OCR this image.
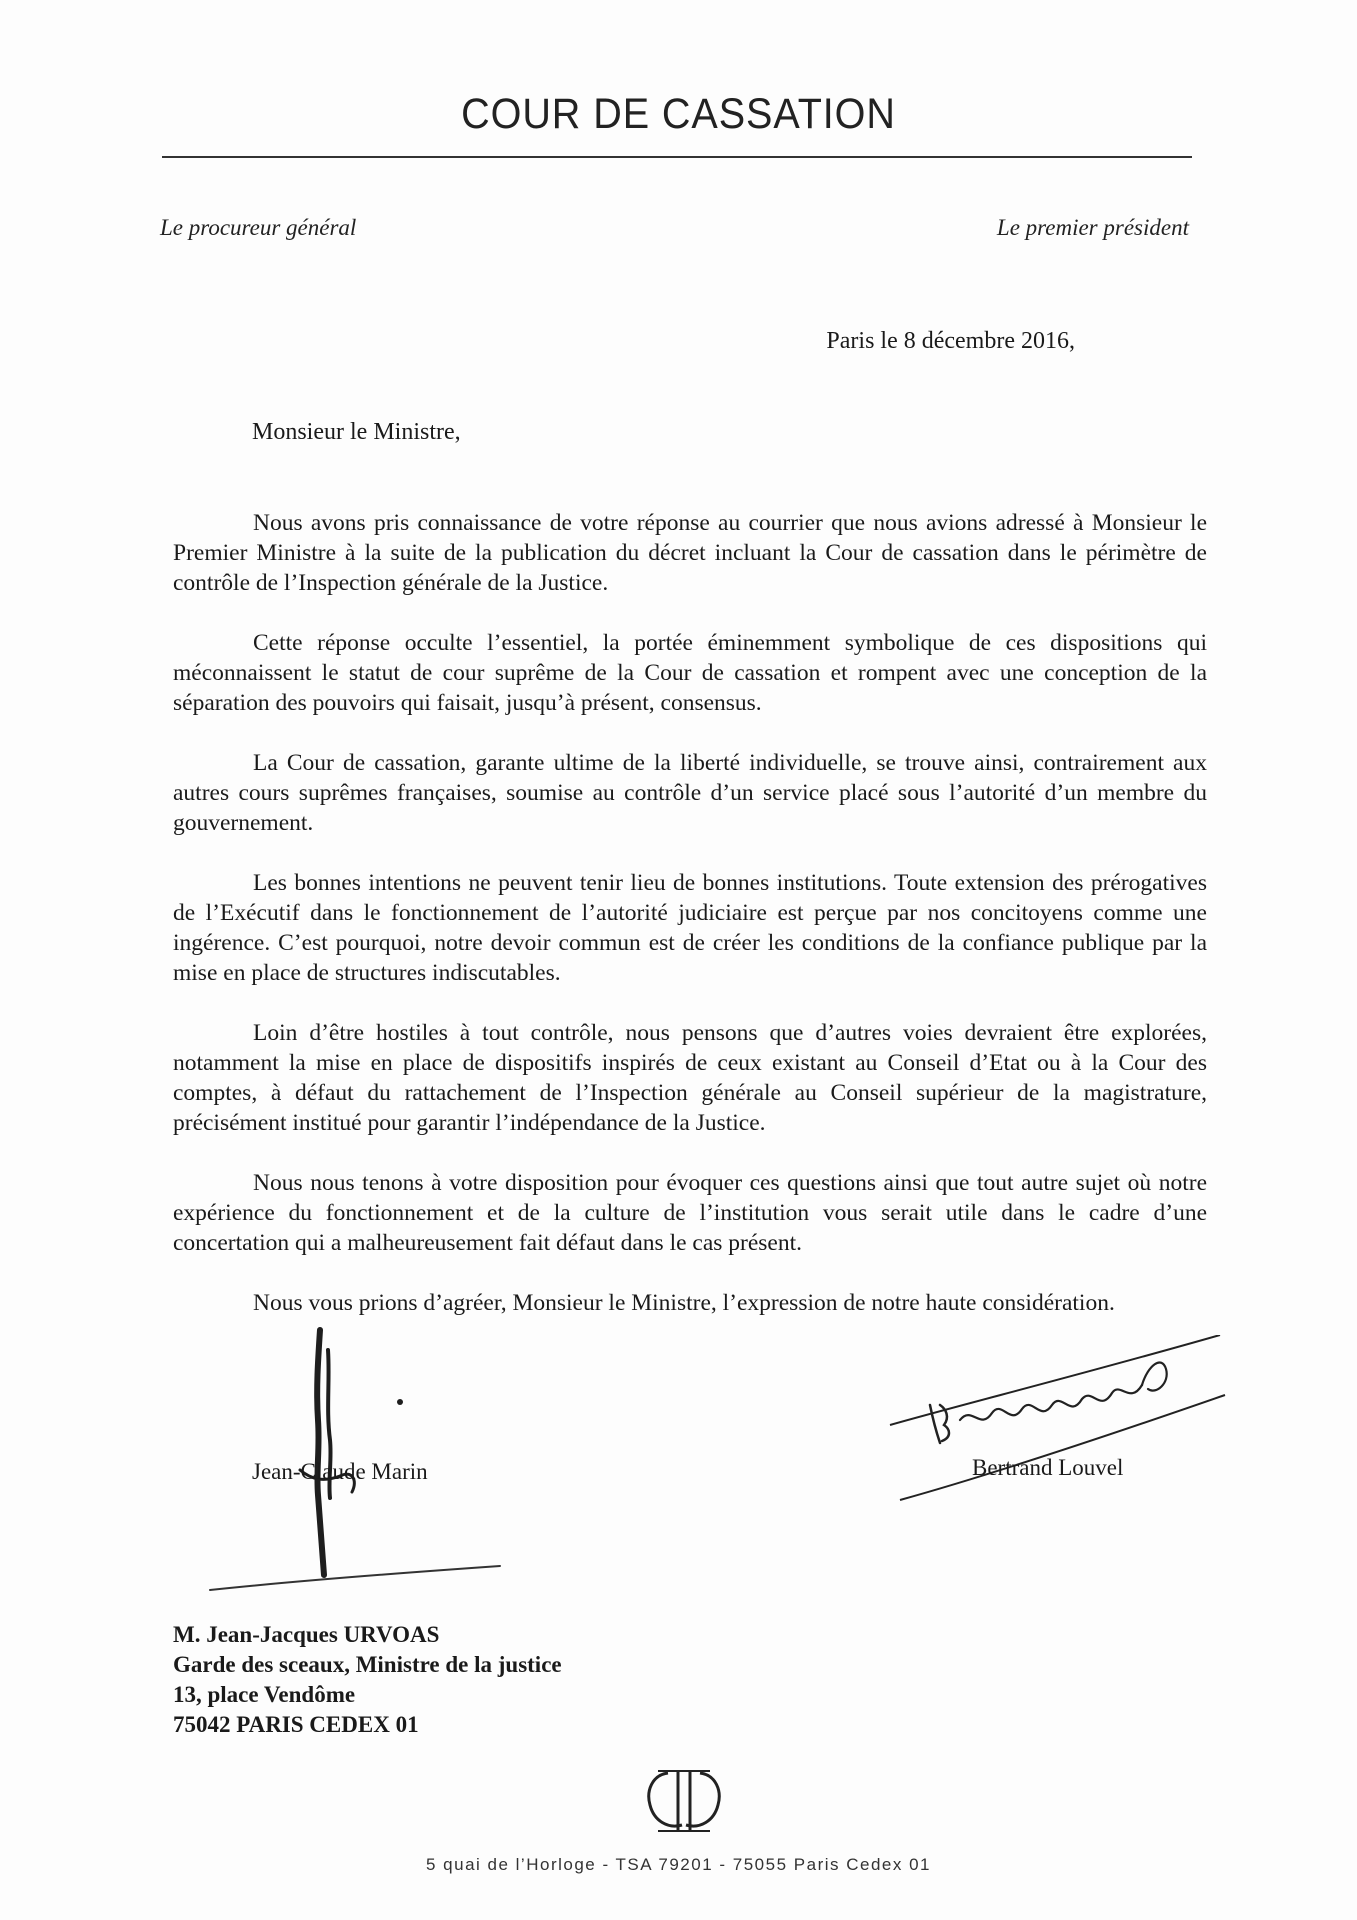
COUR DE CASSATION
Le procureur général	Le premier président
Paris le 8 décembre 2016,
Monsieur le Ministre,

Nous avons pris connaissance de votre réponse au courrier que nous avions adressé à Monsieur le Premier Ministre à la suite de la publication du décret incluant la Cour de cassation dans le périmètre de contrôle de l’Inspection générale de la Justice.

Cette réponse occulte l’essentiel, la portée éminemment symbolique de ces dispositions qui méconnaissent le statut de cour suprême de la Cour de cassation et rompent avec une conception de la séparation des pouvoirs qui faisait, jusqu’à présent, consensus.

La Cour de cassation, garante ultime de la liberté individuelle, se trouve ainsi, contrairement aux autres cours suprêmes françaises, soumise au contrôle d’un service placé sous l’autorité d’un membre du gouvernement.

Les bonnes intentions ne peuvent tenir lieu de bonnes institutions. Toute extension des prérogatives de l’Exécutif dans le fonctionnement de l’autorité judiciaire est perçue par nos concitoyens comme une ingérence. C’est pourquoi, notre devoir commun est de créer les conditions de la confiance publique par la mise en place de structures indiscutables.

Loin d’être hostiles à tout contrôle, nous pensons que d’autres voies devraient être explorées, notamment la mise en place de dispositifs inspirés de ceux existant au Conseil d’Etat ou à la Cour des comptes, à défaut du rattachement de l’Inspection générale au Conseil supérieur de la magistrature, précisément institué pour garantir l’indépendance de la Justice.

Nous nous tenons à votre disposition pour évoquer ces questions ainsi que tout autre sujet où notre expérience du fonctionnement et de la culture de l’institution vous serait utile dans le cadre d’une concertation qui a malheureusement fait défaut dans le cas présent.

Nous vous prions d’agréer, Monsieur le Ministre, l’expression de notre haute considération.

Jean-Claude Marin	Bertrand Louvel
M. Jean-Jacques URVOAS
Garde des sceaux, Ministre de la justice
13, place Vendôme
75042 PARIS CEDEX 01
5 quai de l’Horloge - TSA 79201 - 75055 Paris Cedex 01
